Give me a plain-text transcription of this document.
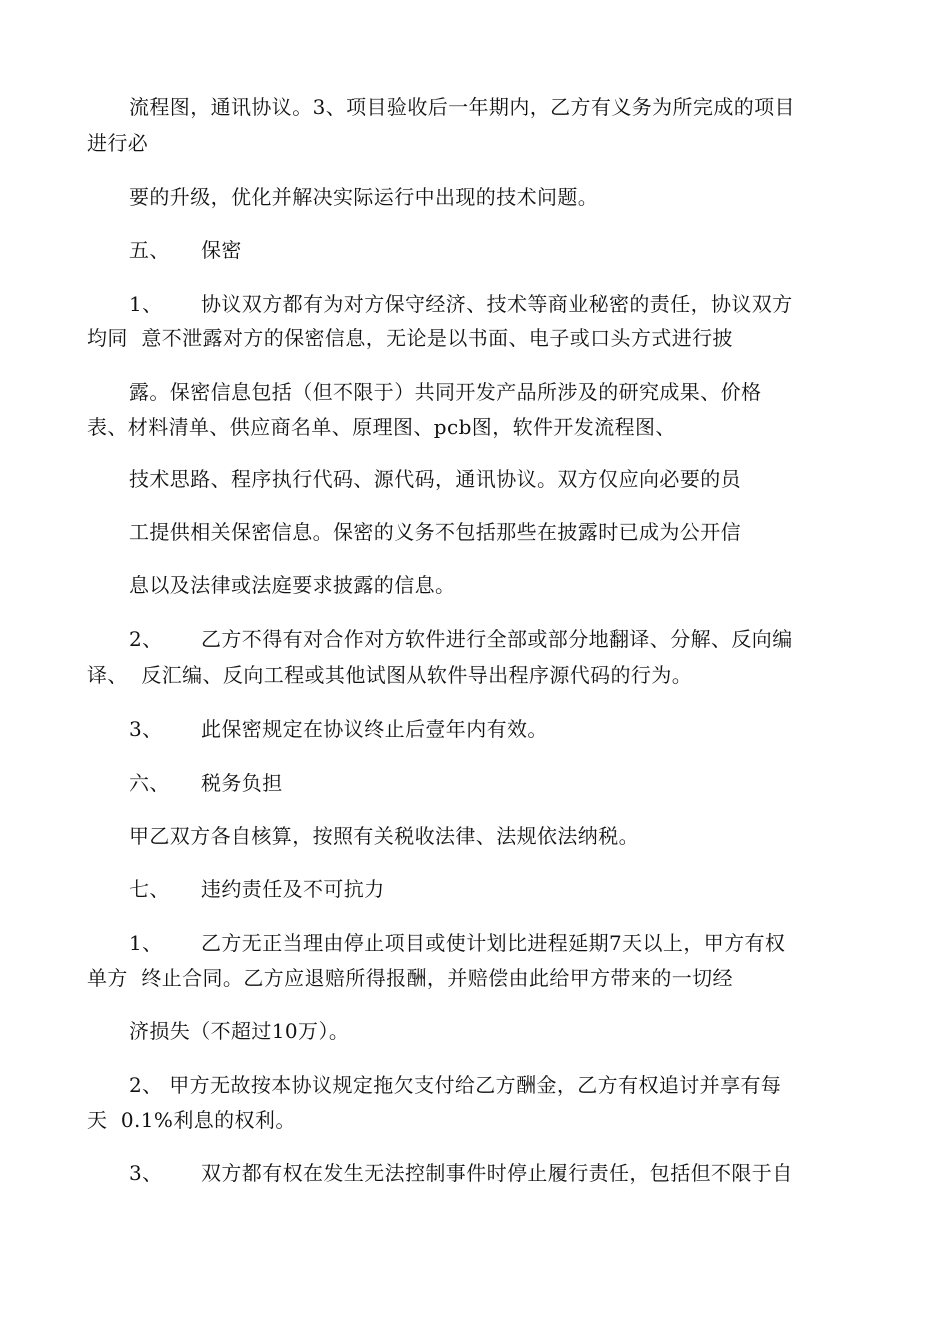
流程图，通讯协议。3、项目验收后一年期内，乙方有义务为所完成的项目
进行必
要的升级，优化并解决实际运行中出现的技术问题。
五、 保密
1、 协议双方都有为对方保守经济、技术等商业秘密的责任，协议双方
均同  意不泄露对方的保密信息，无论是以书面、电子或口头方式进行披
露。保密信息包括（但不限于）共同开发产品所涉及的研究成果、价格
表、材料清单、供应商名单、原理图、pcb图，软件开发流程图、
技术思路、程序执行代码、源代码，通讯协议。双方仅应向必要的员
工提供相关保密信息。保密的义务不包括那些在披露时已成为公开信
息以及法律或法庭要求披露的信息。
2、 乙方不得有对合作对方软件进行全部或部分地翻译、分解、反向编
译、  反汇编、反向工程或其他试图从软件导出程序源代码的行为。
3、 此保密规定在协议终止后壹年内有效。
六、 税务负担
甲乙双方各自核算，按照有关税收法律、法规依法纳税。
七、 违约责任及不可抗力
1、 乙方无正当理由停止项目或使计划比进程延期7天以上，甲方有权
单方  终止合同。乙方应退赔所得报酬，并赔偿由此给甲方带来的一切经
济损失（不超过10万）。
2、 甲方无故按本协议规定拖欠支付给乙方酬金，乙方有权追讨并享有每
天  0.1%利息的权利。
3、 双方都有权在发生无法控制事件时停止履行责任，包括但不限于自
